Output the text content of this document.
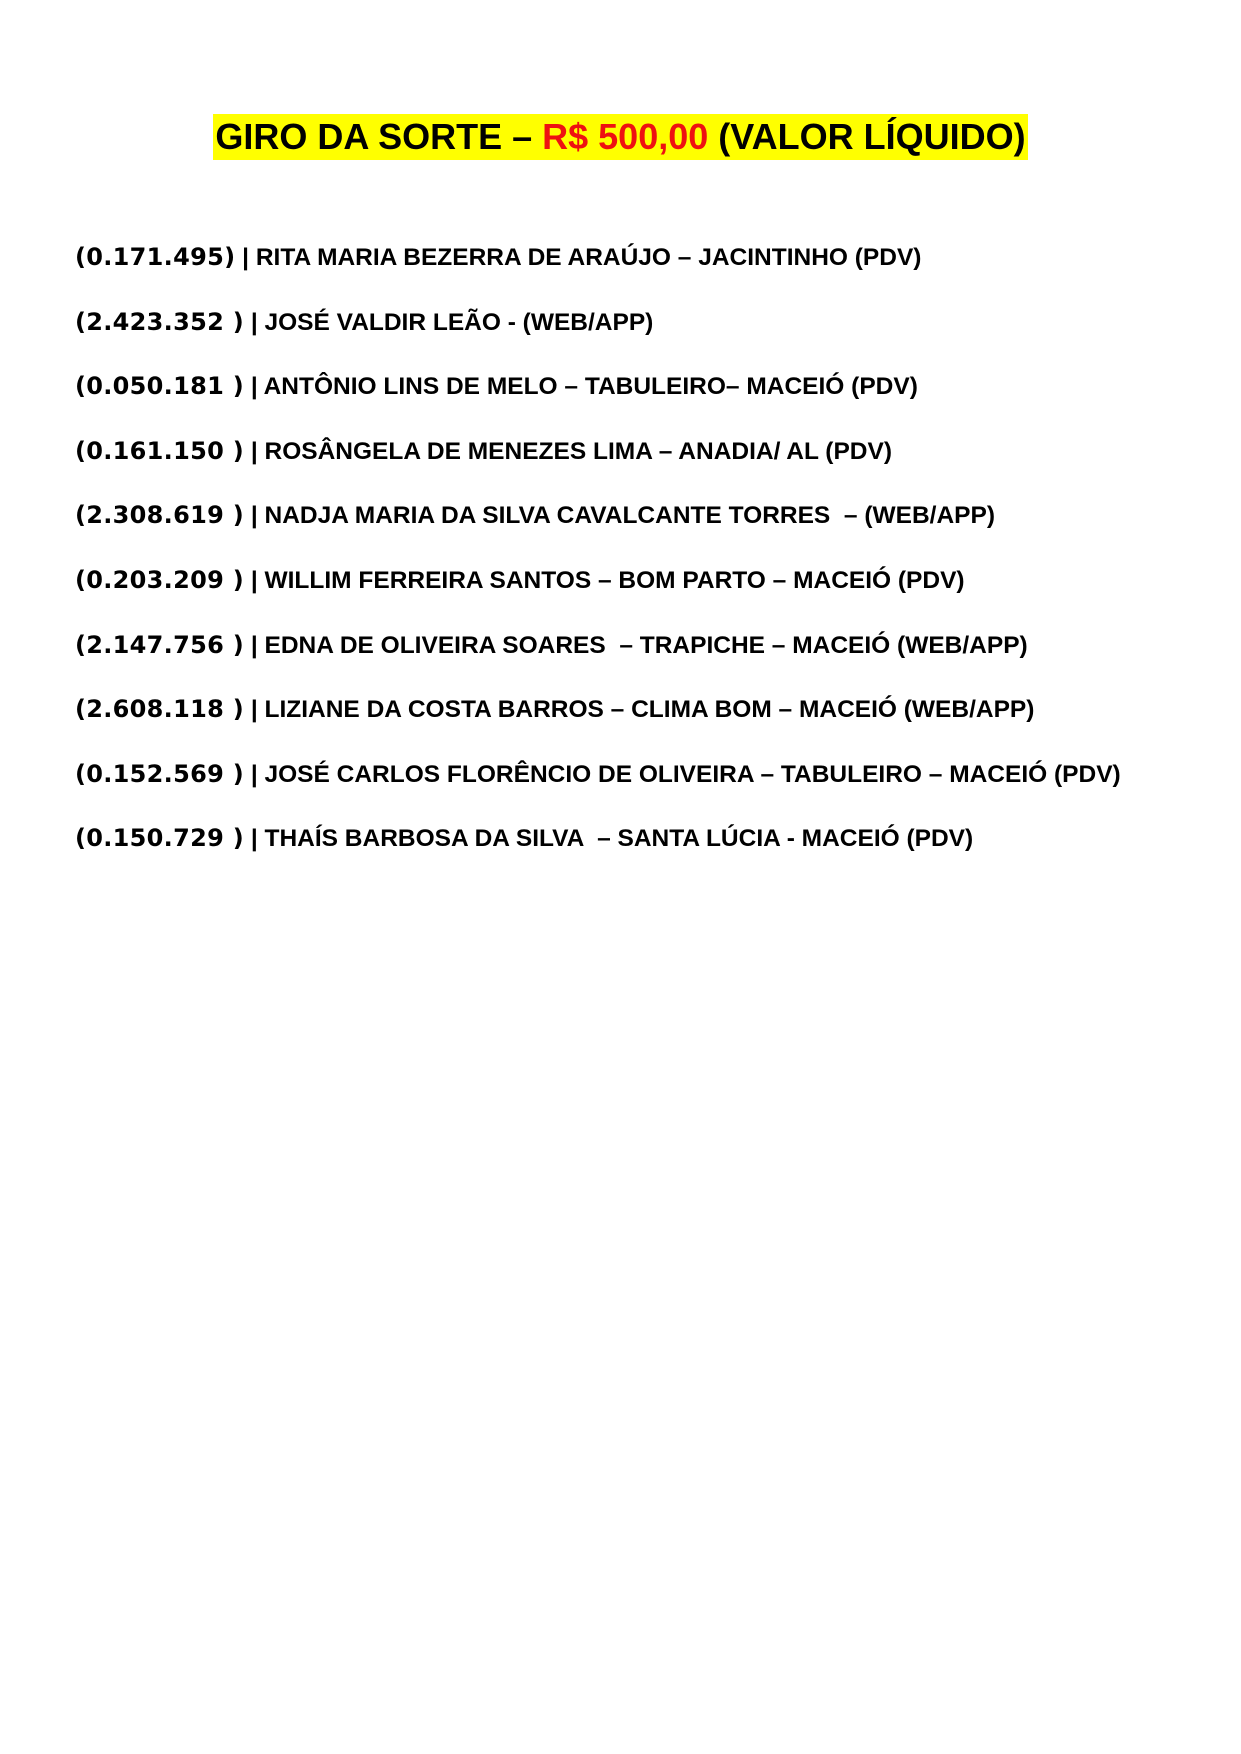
GIRO DA SORTE – R$ 500,00 (VALOR LÍQUIDO)
(0.171.495) | RITA MARIA BEZERRA DE ARAÚJO – JACINTINHO (PDV)
(2.423.352 ) | JOSÉ VALDIR LEÃO - (WEB/APP)
(0.050.181 ) | ANTÔNIO LINS DE MELO – TABULEIRO– MACEIÓ (PDV)
(0.161.150 ) | ROSÂNGELA DE MENEZES LIMA – ANADIA/ AL (PDV)
(2.308.619 ) | NADJA MARIA DA SILVA CAVALCANTE TORRES  – (WEB/APP)
(0.203.209 ) | WILLIM FERREIRA SANTOS – BOM PARTO – MACEIÓ (PDV)
(2.147.756 ) | EDNA DE OLIVEIRA SOARES  – TRAPICHE – MACEIÓ (WEB/APP)
(2.608.118 ) | LIZIANE DA COSTA BARROS – CLIMA BOM – MACEIÓ (WEB/APP)
(0.152.569 ) | JOSÉ CARLOS FLORÊNCIO DE OLIVEIRA – TABULEIRO – MACEIÓ (PDV)
(0.150.729 ) | THAÍS BARBOSA DA SILVA  – SANTA LÚCIA - MACEIÓ (PDV)
